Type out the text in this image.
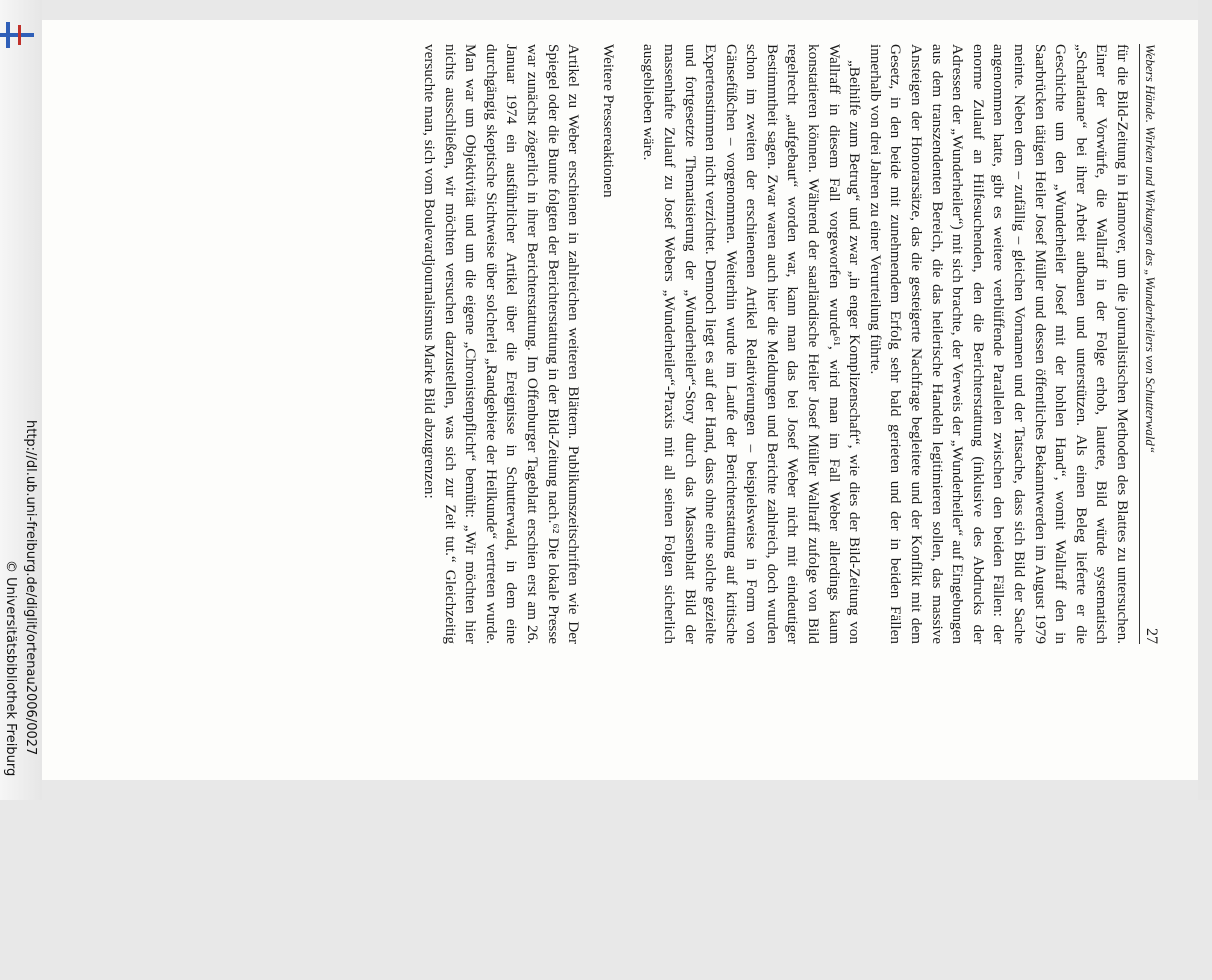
http://dl.ub.uni-freiburg.de/diglit/ortenau2006/0027
© Universitätsbibliothek Freiburg
Webers Hände. Wirken und Wirkungen des „Wunderheilers von Schutterwald“
27

für die Bild-Zeitung in Hannover, um die journalistischen Methoden des Blattes zu untersuchen. Einer der Vorwürfe, die Wallraff in der Folge erhob, lautete, Bild würde systematisch „Scharlatane“ bei ihrer Arbeit aufbauen und unterstützen. Als einen Beleg lieferte er die Geschichte um den „Wunderheiler Josef mit der hohlen Hand“, womit Wallraff den in Saarbrücken tätigen Heiler Josef Müller und dessen öffentliches Bekanntwerden im August 1979 meinte. Neben dem – zufällig – gleichen Vornamen und der Tatsache, dass sich Bild der Sache angenommen hatte, gibt es weitere verblüffende Parallelen zwischen den beiden Fällen: der enorme Zulauf an Hilfesuchenden, den die Berichterstattung (inklusive des Abdrucks der Adressen der „Wunderheiler“) mit sich brachte, der Verweis der „Wunderheiler“ auf Eingebungen aus dem transzendenten Bereich, die das heilerische Handeln legitimieren sollen, das massive Ansteigen der Honorarsätze, das die gesteigerte Nachfrage begleitete und der Konflikt mit dem Gesetz, in den beide mit zunehmendem Erfolg sehr bald gerieten und der in beiden Fällen innerhalb von drei Jahren zu einer Verurteilung führte.

„Beihilfe zum Betrug“ und zwar „in enger Komplizenschaft“, wie dies der Bild-Zeitung von Wallraff in diesem Fall vorgeworfen wurde⁶¹, wird man im Fall Weber allerdings kaum konstatieren können. Während der saarländische Heiler Josef Müller Wallraff zufolge von Bild regelrecht „aufgebaut“ worden war, kann man das bei Josef Weber nicht mit eindeutiger Bestimmtheit sagen. Zwar waren auch hier die Meldungen und Berichte zahlreich, doch wurden schon im zweiten der erschienenen Artikel Relativierungen – beispielsweise in Form von Gänsefüßchen – vorgenommen. Weiterhin wurde im Laufe der Berichterstattung auf kritische Expertenstimmen nicht verzichtet. Dennoch liegt es auf der Hand, dass ohne eine solche gezielte und fortgesetzte Thematisierung der „Wunderheiler“-Story durch das Massenblatt Bild der massenhafte Zulauf zu Josef Webers „Wunderheiler“-Praxis mit all seinen Folgen sicherlich ausgeblieben wäre.

Weitere Pressereaktionen

Artikel zu Weber erschienen in zahlreichen weiteren Blättern. Publikumszeitschriften wie Der Spiegel oder die Bunte folgten der Berichterstattung in der Bild-Zeitung nach.⁶² Die lokale Presse war zunächst zögerlich in ihrer Berichterstattung. Im Offenburger Tageblatt erschien erst am 26. Januar 1974 ein ausführlicher Artikel über die Ereignisse in Schutterwald, in dem eine durchgängig skeptische Sichtweise über solcherlei „Randgebiete der Heilkunde“ vertreten wurde. Man war um Objektivität und um die eigene „Chronistenpflicht“ bemüht: „Wir möchten hier nichts ausschließen, wir möchten versuchen darzustellen, was sich zur Zeit tut.“ Gleichzeitig versuchte man, sich vom Boulevardjournalismus Marke Bild abzugrenzen:
